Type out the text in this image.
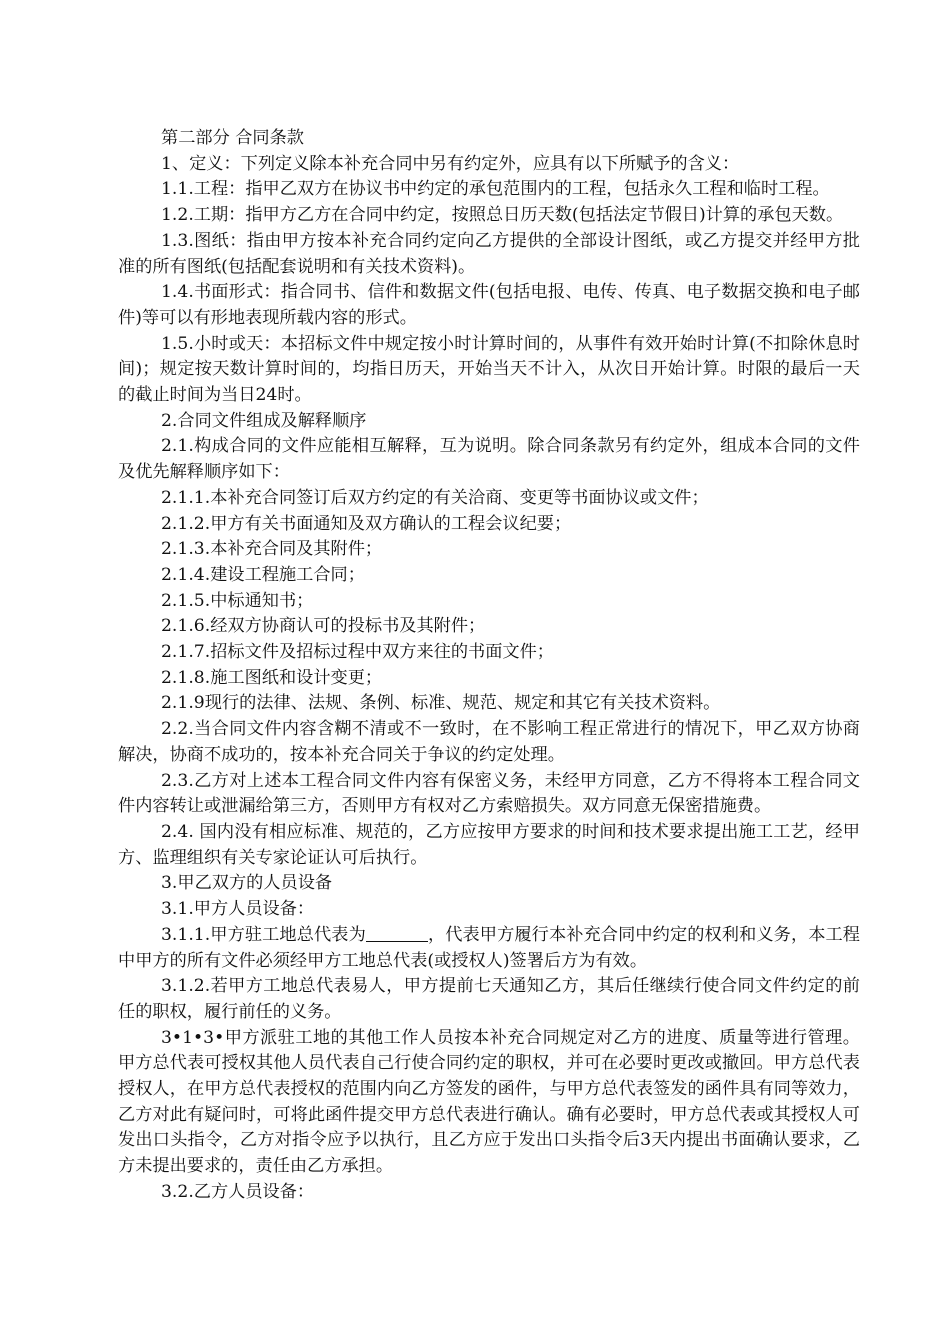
第二部分 合同条款

1、定义：下列定义除本补充合同中另有约定外，应具有以下所赋予的含义：

1.1.工程：指甲乙双方在协议书中约定的承包范围内的工程，包括永久工程和临时工程。

1.2.工期：指甲方乙方在合同中约定，按照总日历天数(包括法定节假日)计算的承包天数。

1.3.图纸：指由甲方按本补充合同约定向乙方提供的全部设计图纸，或乙方提交并经甲方批准的所有图纸(包括配套说明和有关技术资料)。

1.4.书面形式：指合同书、信件和数据文件(包括电报、电传、传真、电子数据交换和电子邮件)等可以有形地表现所载内容的形式。

1.5.小时或天：本招标文件中规定按小时计算时间的，从事件有效开始时计算(不扣除休息时间)；规定按天数计算时间的，均指日历天，开始当天不计入，从次日开始计算。时限的最后一天的截止时间为当日24时。

2.合同文件组成及解释顺序

2.1.构成合同的文件应能相互解释，互为说明。除合同条款另有约定外，组成本合同的文件及优先解释顺序如下：

2.1.1.本补充合同签订后双方约定的有关洽商、变更等书面协议或文件；

2.1.2.甲方有关书面通知及双方确认的工程会议纪要；

2.1.3.本补充合同及其附件；

2.1.4.建设工程施工合同；

2.1.5.中标通知书；

2.1.6.经双方协商认可的投标书及其附件；

2.1.7.招标文件及招标过程中双方来往的书面文件；

2.1.8.施工图纸和设计变更；

2.1.9现行的法律、法规、条例、标准、规范、规定和其它有关技术资料。

2.2.当合同文件内容含糊不清或不一致时，在不影响工程正常进行的情况下，甲乙双方协商解决，协商不成功的，按本补充合同关于争议的约定处理。

2.3.乙方对上述本工程合同文件内容有保密义务，未经甲方同意，乙方不得将本工程合同文件内容转让或泄漏给第三方，否则甲方有权对乙方索赔损失。双方同意无保密措施费。

2.4. 国内没有相应标准、规范的，乙方应按甲方要求的时间和技术要求提出施工工艺，经甲方、监理组织有关专家论证认可后执行。

3.甲乙双方的人员设备

3.1.甲方人员设备：

3.1.1.甲方驻工地总代表为	，代表甲方履行本补充合同中约定的权利和义务，本工程中甲方的所有文件必须经甲方工地总代表(或授权人)签署后方为有效。

3.1.2.若甲方工地总代表易人，甲方提前七天通知乙方，其后任继续行使合同文件约定的前任的职权，履行前任的义务。

3•1•3•甲方派驻工地的其他工作人员按本补充合同规定对乙方的进度、质量等进行管理。甲方总代表可授权其他人员代表自己行使合同约定的职权，并可在必要时更改或撤回。甲方总代表授权人，在甲方总代表授权的范围内向乙方签发的函件，与甲方总代表签发的函件具有同等效力，乙方对此有疑问时，可将此函件提交甲方总代表进行确认。确有必要时，甲方总代表或其授权人可发出口头指令，乙方对指令应予以执行，且乙方应于发出口头指令后3天内提出书面确认要求，乙方未提出要求的，责任由乙方承担。

3.2.乙方人员设备：
